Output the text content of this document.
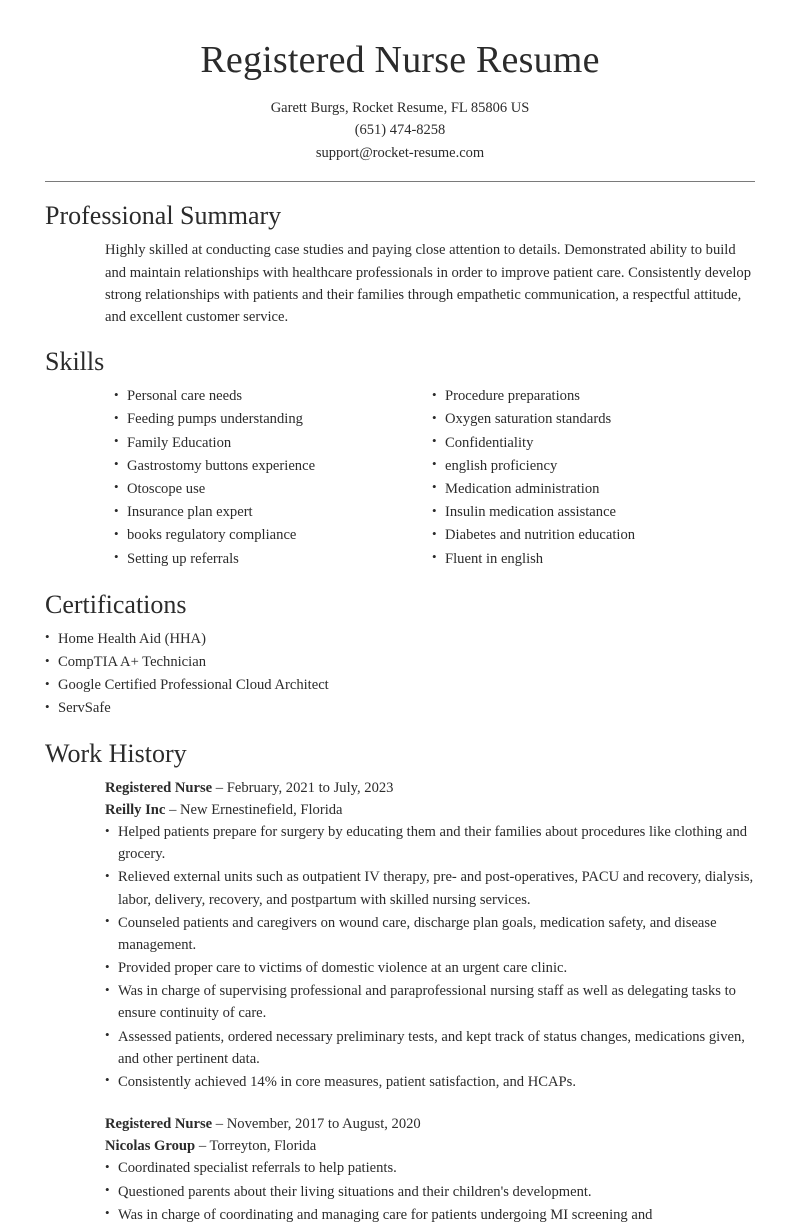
Registered Nurse Resume
Garett Burgs, Rocket Resume, FL 85806 US
(651) 474-8258
support@rocket-resume.com
Professional Summary

Highly skilled at conducting case studies and paying close attention to details. Demonstrated ability to build and maintain relationships with healthcare professionals in order to improve patient care. Consistently develop strong relationships with patients and their families through empathetic communication, a respectful attitude, and excellent customer service.

Skills
• Personal care needs
• Feeding pumps understanding
• Family Education
• Gastrostomy buttons experience
• Otoscope use
• Insurance plan expert
• books regulatory compliance
• Setting up referrals
• Procedure preparations
• Oxygen saturation standards
• Confidentiality
• english proficiency
• Medication administration
• Insulin medication assistance
• Diabetes and nutrition education
• Fluent in english
Certifications
• Home Health Aid (HHA)
• CompTIA A+ Technician
• Google Certified Professional Cloud Architect
• ServSafe
Work History
Registered Nurse – February, 2021 to July, 2023
Reilly Inc – New Ernestinefield, Florida
• Helped patients prepare for surgery by educating them and their families about procedures like clothing and grocery.
• Relieved external units such as outpatient IV therapy, pre- and post-operatives, PACU and recovery, dialysis, labor, delivery, recovery, and postpartum with skilled nursing services.
• Counseled patients and caregivers on wound care, discharge plan goals, medication safety, and disease management.
• Provided proper care to victims of domestic violence at an urgent care clinic.
• Was in charge of supervising professional and paraprofessional nursing staff as well as delegating tasks to ensure continuity of care.
• Assessed patients, ordered necessary preliminary tests, and kept track of status changes, medications given, and other pertinent data.
• Consistently achieved 14% in core measures, patient satisfaction, and HCAPs.
Registered Nurse – November, 2017 to August, 2020
Nicolas Group – Torreyton, Florida
• Coordinated specialist referrals to help patients.
• Questioned parents about their living situations and their children's development.
• Was in charge of coordinating and managing care for patients undergoing MI screening and
